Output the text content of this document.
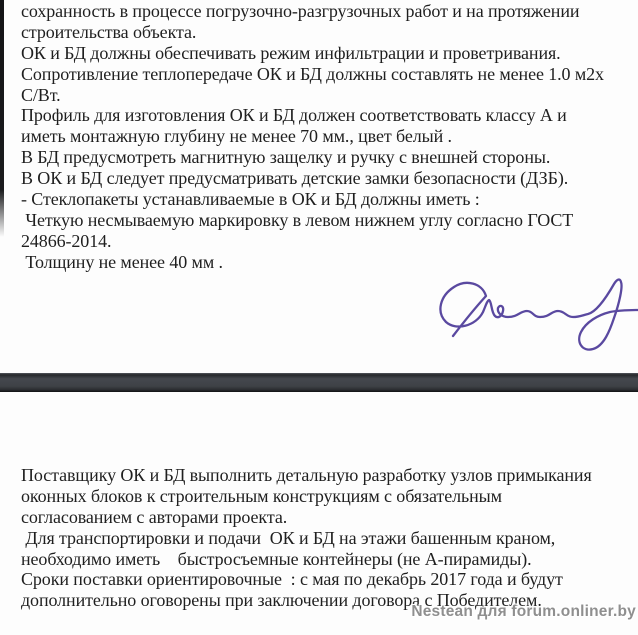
сохранность в процессе погрузочно-разгрузочных работ и на протяжении
строительства объекта.
ОК и БД должны обеспечивать режим инфильтрации и проветривания.
Сопротивление теплопередаче ОК и БД должны составлять не менее 1.0 м2х
С/Вт.
Профиль для изготовления ОК и БД должен соответствовать классу А и
иметь монтажную глубину не менее 70 мм., цвет белый .
В БД предусмотреть магнитную защелку и ручку с внешней стороны.
В ОК и БД следует предусматривать детские замки безопасности (ДЗБ).
- Стеклопакеты устанавливаемые в ОК и БД должны иметь :
Четкую несмываемую маркировку в левом нижнем углу согласно ГОСТ
24866-2014.
Толщину не менее 40 мм .
Поставщику ОК и БД выполнить детальную разработку узлов примыкания
оконных блоков к строительным конструкциям с обязательным
согласованием с авторами проекта.
Для транспортировки и подачи  ОК и БД на этажи башенным краном,
необходимо иметь    быстросъемные контейнеры (не А-пирамиды).
Сроки поставки ориентировочные  : с мая по декабрь 2017 года и будут
дополнительно оговорены при заключении договора с Победителем.
Nestean для forum.onliner.by
